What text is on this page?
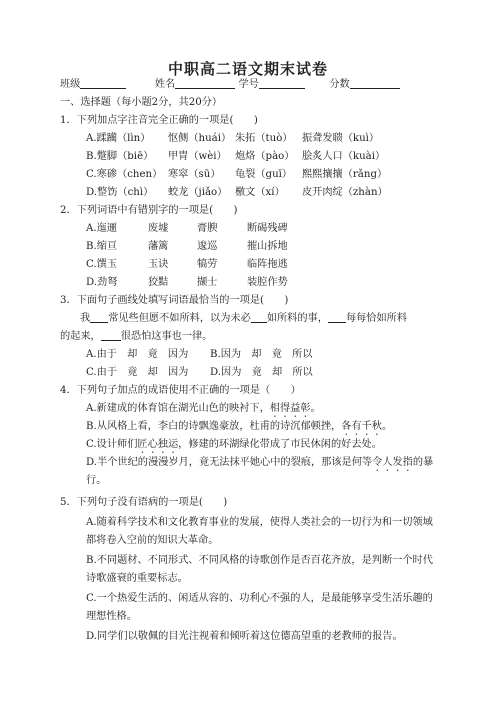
中职高二语文期末试卷
班级	姓名	学号	分数
一、选择题（每小题2分，共20分）
1．下列加点字注音完全正确的一项是(　　)
A.蹂躏（lìn） 怄侧（huái） 朱拓（tuò） 振聋发聩（kuì）
B.蹩脚（biē） 甲胄（wèi） 炮烙（pào） 脍炙人口（kuài）
C.寒碜（chen） 寒窣（sū） 龟裂（guī） 熙熙攘攘（rǎng）
D.整饬（chì） 蛟龙（jiǎo） 檄文（xí） 皮开肉绽（zhàn）
2．下列词语中有错别字的一项是(　　)
A.迤逦	废墟	膏腴	断碣残碑
B.缩亘	藩篱	逡巡	摧山拆地
C.馔玉	玉诀	犒劳	临阵拖逃
D.劲弩	狡黠	撷士	装腔作势
3．下面句子画线处填写词语最恰当的一项是(　　)
我 常见些但愿不如所料，以为未必 如所料的事， 每每恰如所料
的起来， 很恐怕这事也一律。
A.由于　却　竟　因为 B.因为　却　竟　所以
C.由于　竟　却　因为 D.因为　竟　却　所以
4．下列句子加点的成语使用不正确的一项是（　　）
A.新建成的体育馆在湖光山色的映衬下，相得益彰。
B.从风格上看，李白的诗飘逸豪放，杜甫的诗沉郁顿挫，各有千秋。
C.设计师们匠心独运，修建的环湖绿化带成了市民休闲的好去处。
D.半个世纪的漫漫岁月，竟无法抹平她心中的裂痕，那该是何等令人发指的暴
行。
5．下列句子没有语病的一项是(　　)
A.随着科学技术和文化教育事业的发展，使得人类社会的一切行为和一切领域
都将卷入空前的知识大革命。
B.不同题材、不同形式、不同风格的诗歌创作是否百花齐放，是判断一个时代
诗歌盛衰的重要标志。
C.一个热爱生活的、闲适从容的、功利心不强的人，是最能够享受生活乐趣的
理想性格。
D.同学们以敬佩的目光注视着和倾听着这位德高望重的老教师的报告。
